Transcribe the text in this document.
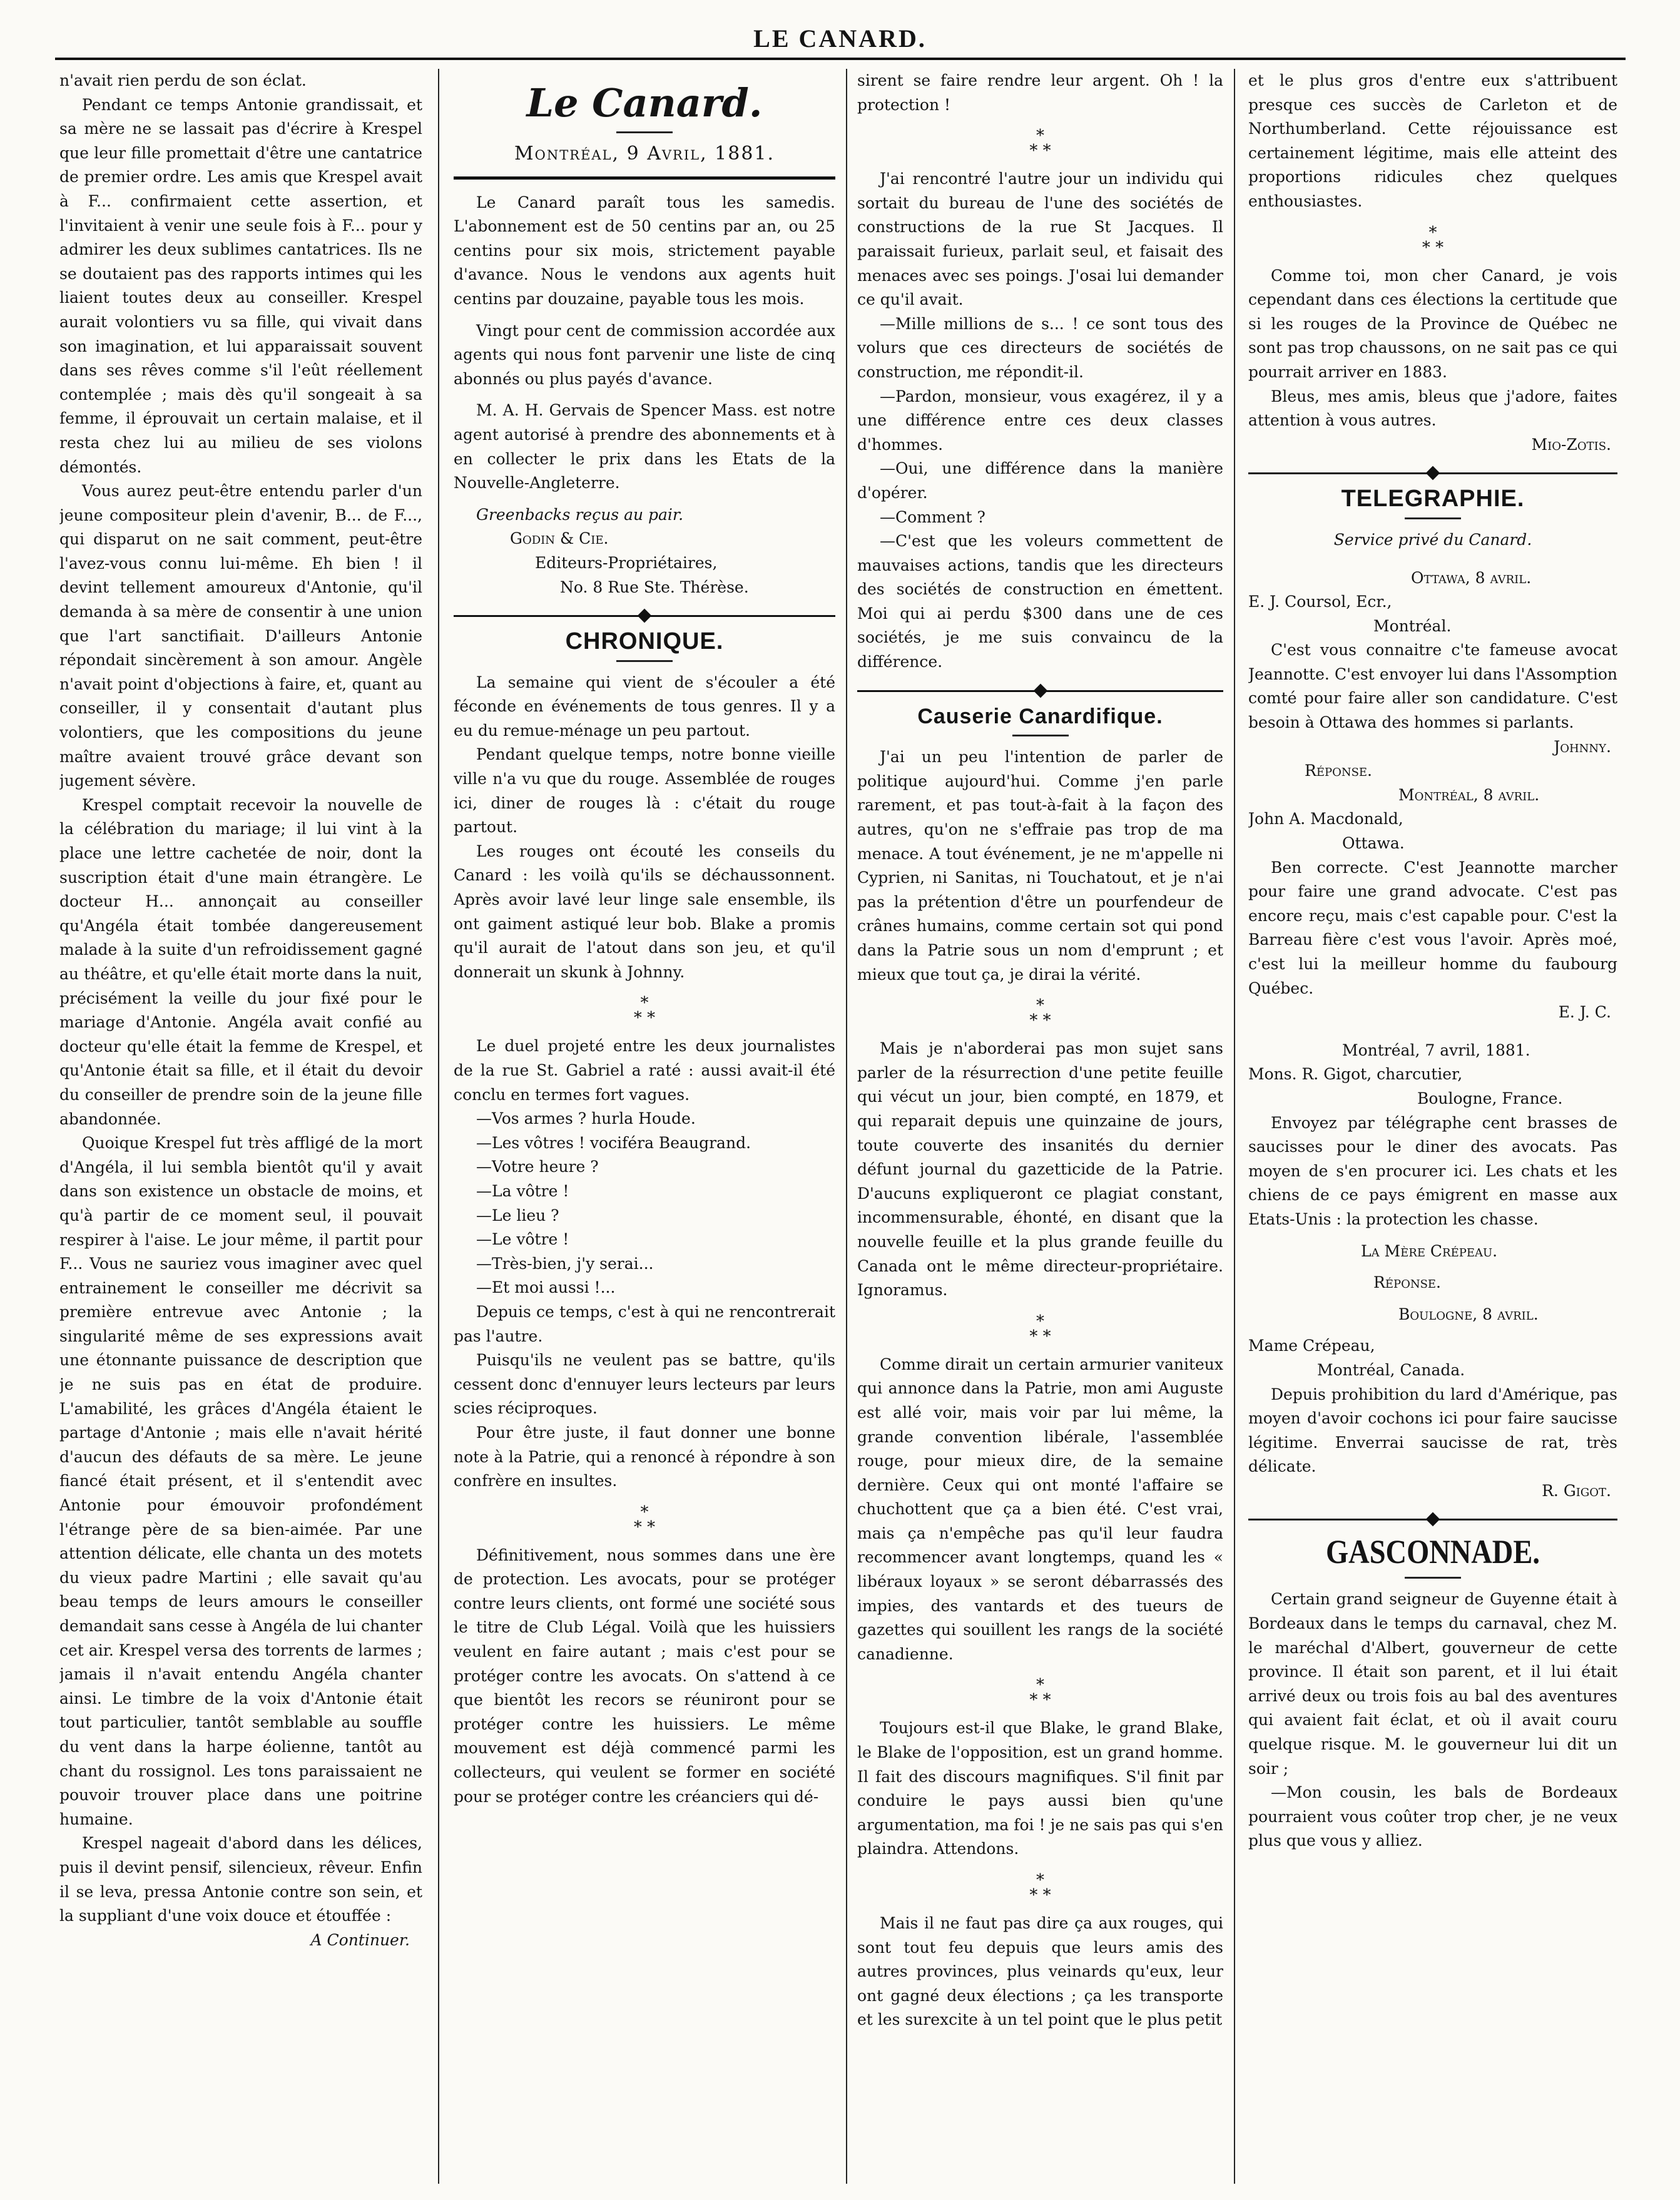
LE CANARD.

n'avait rien perdu de son éclat.

Pendant ce temps Antonie grandissait, et sa mère ne se lassait pas d'écrire à Krespel que leur fille promettait d'être une cantatrice de premier ordre. Les amis que Krespel avait à F... confirmaient cette assertion, et l'invitaient à venir une seule fois à F... pour y admirer les deux sublimes cantatrices. Ils ne se doutaient pas des rapports intimes qui les liaient toutes deux au conseiller. Krespel aurait volontiers vu sa fille, qui vivait dans son imagination, et lui apparaissait souvent dans ses rêves comme s'il l'eût réellement contemplée ; mais dès qu'il songeait à sa femme, il éprouvait un certain malaise, et il resta chez lui au milieu de ses violons démontés.

Vous aurez peut-être entendu parler d'un jeune compositeur plein d'avenir, B... de F..., qui disparut on ne sait comment, peut-être l'avez-vous connu lui-même. Eh bien ! il devint tellement amoureux d'Antonie, qu'il demanda à sa mère de consentir à une union que l'art sanctifiait. D'ailleurs Antonie répondait sincèrement à son amour. Angèle n'avait point d'objections à faire, et, quant au conseiller, il y consentait d'autant plus volontiers, que les compositions du jeune maître avaient trouvé grâce devant son jugement sévère.

Krespel comptait recevoir la nouvelle de la célébration du mariage; il lui vint à la place une lettre cachetée de noir, dont la suscription était d'une main étrangère. Le docteur H... annonçait au conseiller qu'Angéla était tombée dangereusement malade à la suite d'un refroidissement gagné au théâtre, et qu'elle était morte dans la nuit, précisément la veille du jour fixé pour le mariage d'Antonie. Angéla avait confié au docteur qu'elle était la femme de Krespel, et qu'Antonie était sa fille, et il était du devoir du conseiller de prendre soin de la jeune fille abandonnée.

Quoique Krespel fut très affligé de la mort d'Angéla, il lui sembla bientôt qu'il y avait dans son existence un obstacle de moins, et qu'à partir de ce moment seul, il pouvait respirer à l'aise. Le jour même, il partit pour F... Vous ne sauriez vous imaginer avec quel entrainement le conseiller me décrivit sa première entrevue avec Antonie ; la singularité même de ses expressions avait une étonnante puissance de description que je ne suis pas en état de produire. L'amabilité, les grâces d'Angéla étaient le partage d'Antonie ; mais elle n'avait hérité d'aucun des défauts de sa mère. Le jeune fiancé était présent, et il s'entendit avec Antonie pour émouvoir profondément l'étrange père de sa bien-aimée. Par une attention délicate, elle chanta un des motets du vieux padre Martini ; elle savait qu'au beau temps de leurs amours le conseiller demandait sans cesse à Angéla de lui chanter cet air. Krespel versa des torrents de larmes ; jamais il n'avait entendu Angéla chanter ainsi. Le timbre de la voix d'Antonie était tout particulier, tantôt semblable au souffle du vent dans la harpe éolienne, tantôt au chant du rossignol. Les tons paraissaient ne pouvoir trouver place dans une poitrine humaine.

Krespel nageait d'abord dans les délices, puis il devint pensif, silencieux, rêveur. Enfin il se leva, pressa Antonie contre son sein, et la suppliant d'une voix douce et étouffée :

A Continuer.

Le Canard.
Montréal, 9 Avril, 1881.

Le Canard paraît tous les samedis. L'abonnement est de 50 centins par an, ou 25 centins pour six mois, strictement payable d'avance. Nous le vendons aux agents huit centins par douzaine, payable tous les mois.

Vingt pour cent de commission accordée aux agents qui nous font parvenir une liste de cinq abonnés ou plus payés d'avance.

M. A. H. Gervais de Spencer Mass. est notre agent autorisé à prendre des abonnements et à en collecter le prix dans les Etats de la Nouvelle-Angleterre.

Greenbacks reçus au pair.

Godin & Cie.

Editeurs-Propriétaires,

No. 8 Rue Ste. Thérèse.

CHRONIQUE.

La semaine qui vient de s'écouler a été féconde en événements de tous genres. Il y a eu du remue-ménage un peu partout.

Pendant quelque temps, notre bonne vieille ville n'a vu que du rouge. Assemblée de rouges ici, diner de rouges là : c'était du rouge partout.

Les rouges ont écouté les conseils du Canard : les voilà qu'ils se déchaussonnent. Après avoir lavé leur linge sale ensemble, ils ont gaiment astiqué leur bob. Blake a promis qu'il aurait de l'atout dans son jeu, et qu'il donnerait un skunk à Johnny.

*
* *

Le duel projeté entre les deux journalistes de la rue St. Gabriel a raté : aussi avait-il été conclu en termes fort vagues.

—Vos armes ? hurla Houde.

—Les vôtres ! vociféra Beaugrand.

—Votre heure ?

—La vôtre !

—Le lieu ?

—Le vôtre !

—Très-bien, j'y serai...

—Et moi aussi !...

Depuis ce temps, c'est à qui ne rencontrerait pas l'autre.

Puisqu'ils ne veulent pas se battre, qu'ils cessent donc d'ennuyer leurs lecteurs par leurs scies réciproques.

Pour être juste, il faut donner une bonne note à la Patrie, qui a renoncé à répondre à son confrère en insultes.

*
* *

Définitivement, nous sommes dans une ère de protection. Les avocats, pour se protéger contre leurs clients, ont formé une société sous le titre de Club Légal. Voilà que les huissiers veulent en faire autant ; mais c'est pour se protéger contre les avocats. On s'attend à ce que bientôt les recors se réuniront pour se protéger contre les huissiers. Le même mouvement est déjà commencé parmi les collecteurs, qui veulent se former en société pour se protéger contre les créanciers qui dé-

sirent se faire rendre leur argent. Oh ! la protection !

*
* *

J'ai rencontré l'autre jour un individu qui sortait du bureau de l'une des sociétés de constructions de la rue St Jacques. Il paraissait furieux, parlait seul, et faisait des menaces avec ses poings. J'osai lui demander ce qu'il avait.

—Mille millions de s... ! ce sont tous des volurs que ces directeurs de sociétés de construction, me répondit-il.

—Pardon, monsieur, vous exagérez, il y a une différence entre ces deux classes d'hommes.

—Oui, une différence dans la manière d'opérer.

—Comment ?

—C'est que les voleurs commettent de mauvaises actions, tandis que les directeurs des sociétés de construction en émettent. Moi qui ai perdu $300 dans une de ces sociétés, je me suis convaincu de la différence.

Causerie Canardifique.

J'ai un peu l'intention de parler de politique aujourd'hui. Comme j'en parle rarement, et pas tout-à-fait à la façon des autres, qu'on ne s'effraie pas trop de ma menace. A tout événement, je ne m'appelle ni Cyprien, ni Sanitas, ni Touchatout, et je n'ai pas la prétention d'être un pourfendeur de crânes humains, comme certain sot qui pond dans la Patrie sous un nom d'emprunt ; et mieux que tout ça, je dirai la vérité.

*
* *

Mais je n'aborderai pas mon sujet sans parler de la résurrection d'une petite feuille qui vécut un jour, bien compté, en 1879, et qui reparait depuis une quinzaine de jours, toute couverte des insanités du dernier défunt journal du gazetticide de la Patrie. D'aucuns expliqueront ce plagiat constant, incommensurable, éhonté, en disant que la nouvelle feuille et la plus grande feuille du Canada ont le même directeur-propriétaire. Ignoramus.

*
* *

Comme dirait un certain armurier vaniteux qui annonce dans la Patrie, mon ami Auguste est allé voir, mais voir par lui même, la grande convention libérale, l'assemblée rouge, pour mieux dire, de la semaine dernière. Ceux qui ont monté l'affaire se chuchottent que ça a bien été. C'est vrai, mais ça n'empêche pas qu'il leur faudra recommencer avant longtemps, quand les « libéraux loyaux » se seront débarrassés des impies, des vantards et des tueurs de gazettes qui souillent les rangs de la société canadienne.

*
* *

Toujours est-il que Blake, le grand Blake, le Blake de l'opposition, est un grand homme. Il fait des discours magnifiques. S'il finit par conduire le pays aussi bien qu'une argumentation, ma foi ! je ne sais pas qui s'en plaindra. Attendons.

*
* *

Mais il ne faut pas dire ça aux rouges, qui sont tout feu depuis que leurs amis des autres provinces, plus veinards qu'eux, leur ont gagné deux élections ; ça les transporte et les surexcite à un tel point que le plus petit

et le plus gros d'entre eux s'attribuent presque ces succès de Carleton et de Northumberland. Cette réjouissance est certainement légitime, mais elle atteint des proportions ridicules chez quelques enthousiastes.

*
* *

Comme toi, mon cher Canard, je vois cependant dans ces élections la certitude que si les rouges de la Province de Québec ne sont pas trop chaussons, on ne sait pas ce qui pourrait arriver en 1883.

Bleus, mes amis, bleus que j'adore, faites attention à vous autres.

Mio-Zotis.

TELEGRAPHIE.

Service privé du Canard.

Ottawa, 8 avril.

E. J. Coursol, Ecr.,

Montréal.

C'est vous connaitre c'te fameuse avocat Jeannotte. C'est envoyer lui dans l'Assomption comté pour faire aller son candidature. C'est besoin à Ottawa des hommes si parlants.

Johnny.

Réponse.

Montréal, 8 avril.

John A. Macdonald,

Ottawa.

Ben correcte. C'est Jeannotte marcher pour faire une grand advocate. C'est pas encore reçu, mais c'est capable pour. C'est la Barreau fière c'est vous l'avoir. Après moé, c'est lui la meilleur homme du faubourg Québec.

E. J. C.

Montréal, 7 avril, 1881.

Mons. R. Gigot, charcutier,

Boulogne, France.

Envoyez par télégraphe cent brasses de saucisses pour le diner des avocats. Pas moyen de s'en procurer ici. Les chats et les chiens de ce pays émigrent en masse aux Etats-Unis : la protection les chasse.

La Mère Crépeau.

Réponse.

Boulogne, 8 avril.

Mame Crépeau,

Montréal, Canada.

Depuis prohibition du lard d'Amérique, pas moyen d'avoir cochons ici pour faire saucisse légitime. Enverrai saucisse de rat, très délicate.

R. Gigot.

GASCONNADE.

Certain grand seigneur de Guyenne était à Bordeaux dans le temps du carnaval, chez M. le maréchal d'Albert, gouverneur de cette province. Il était son parent, et il lui était arrivé deux ou trois fois au bal des aventures qui avaient fait éclat, et où il avait couru quelque risque. M. le gouverneur lui dit un soir ;

—Mon cousin, les bals de Bordeaux pourraient vous coûter trop cher, je ne veux plus que vous y alliez.
